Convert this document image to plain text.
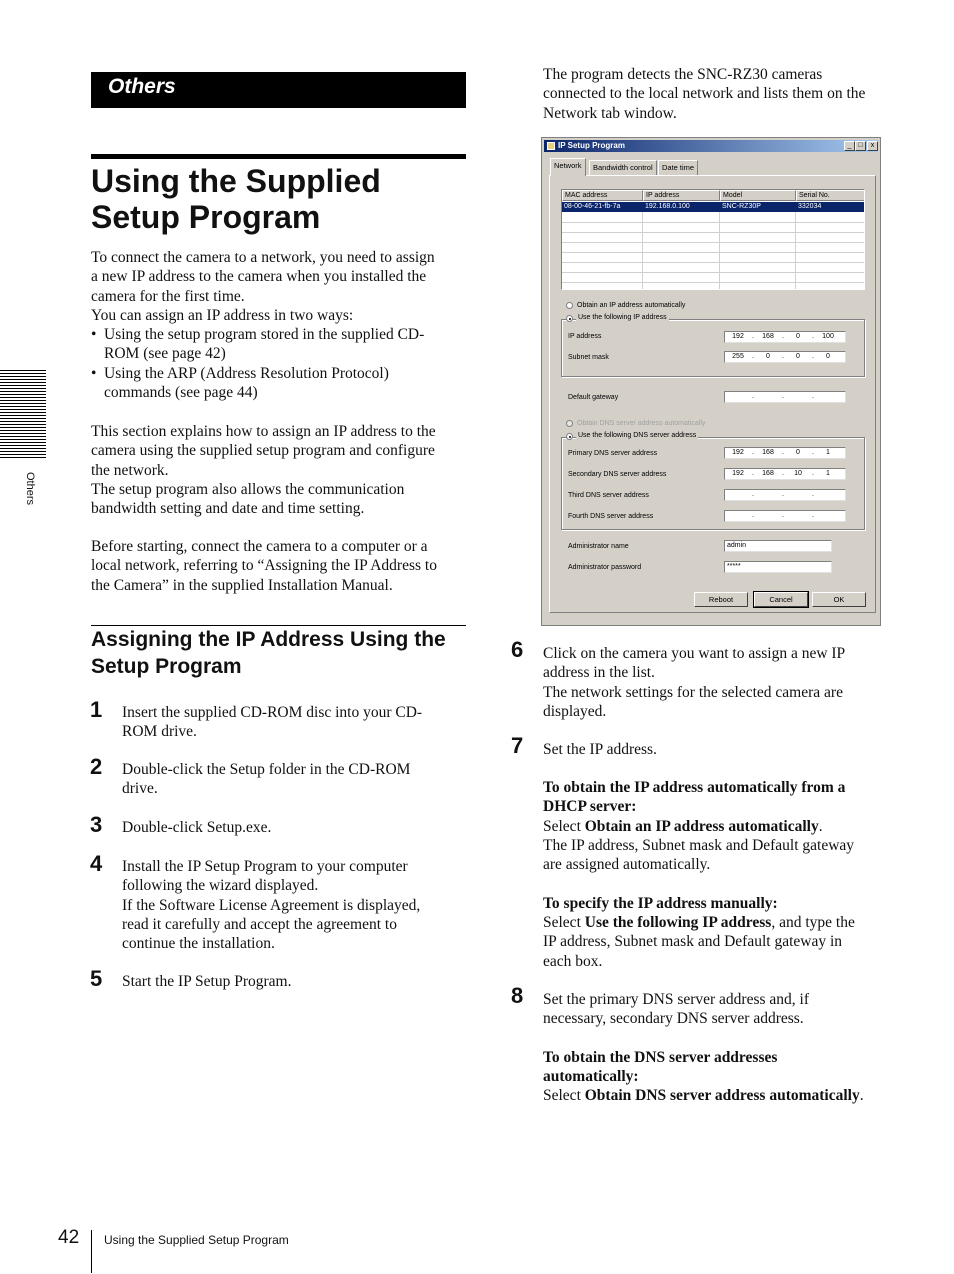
Others
Others
Using the Supplied
Setup Program
To connect the camera to a network, you need to assign
a new IP address to the camera when you installed the
camera for the first time.
You can assign an IP address in two ways:
• Using the setup program stored in the supplied CD-
ROM (see page 42)
• Using the ARP (Address Resolution Protocol)
commands (see page 44)
This section explains how to assign an IP address to the
camera using the supplied setup program and configure
the network.
The setup program also allows the communication
bandwidth setting and date and time setting.
Before starting, connect the camera to a computer or a
local network, referring to “Assigning the IP Address to
the Camera” in the supplied Installation Manual.
Assigning the IP Address Using the
Setup Program
1 Insert the supplied CD-ROM disc into your CD-
ROM drive.
2 Double-click the Setup folder in the CD-ROM
drive.
3 Double-click Setup.exe.
4 Install the IP Setup Program to your computer
following the wizard displayed.
If the Software License Agreement is displayed,
read it carefully and accept the agreement to
continue the installation.
5 Start the IP Setup Program.
The program detects the SNC-RZ30 cameras
connected to the local network and lists them on the
Network tab window.
IP Setup Program	_ □	x
Network	Bandwidth control	Date time
MAC address	IP address	Model	Serial No.
08-00-46-21-fb-7a	192.168.0.100	SNC-RZ30P	332034
Obtain an IP address automatically
Use the following IP address
IP address	192	.	168	.	0	.	100
Subnet mask	255	.	0	.	0	.	0
Default gateway	.	.	.
Obtain DNS server address automatically
Use the following DNS server address
Primary DNS server address	192	.	168	.	0	.	1
Secondary DNS server address	192	.	168	.	10	.	1
Third DNS server address	.	.	.
Fourth DNS server address	.	.	.
Administrator name	admin
Administrator password	*****
Reboot	Cancel	OK
6 Click on the camera you want to assign a new IP
address in the list.
The network settings for the selected camera are
displayed.
7 Set the IP address.
To obtain the IP address automatically from a
DHCP server:
Select Obtain an IP address automatically.
The IP address, Subnet mask and Default gateway
are assigned automatically.
To specify the IP address manually:
Select Use the following IP address, and type the
IP address, Subnet mask and Default gateway in
each box.
8 Set the primary DNS server address and, if
necessary, secondary DNS server address.
To obtain the DNS server addresses
automatically:
Select Obtain DNS server address automatically.
42 Using the Supplied Setup Program
